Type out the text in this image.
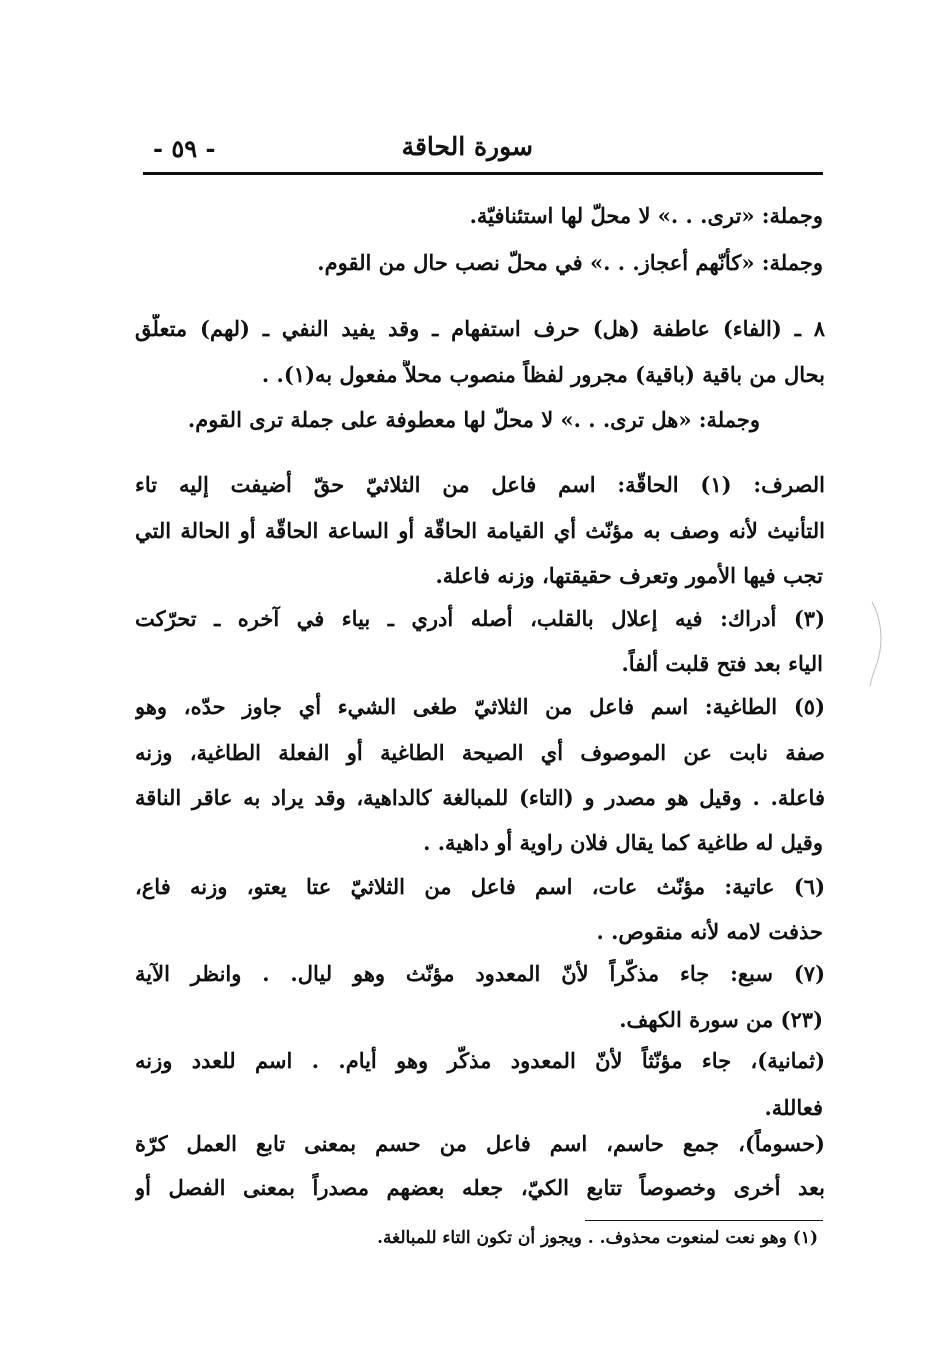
- ٥٩ -	سورة الحاقة
وجملة: «ترى. . .» لا محلّ لها استئنافيّة.
وجملة: «كأنّهم أعجاز. . .» في محلّ نصب حال من القوم.
٨ ـ (الفاء) عاطفة (هل) حرف استفهام ـ وقد يفيد النفي ـ (لهم) متعلّق
بحال من باقية (باقية) مجرور لفظاً منصوب محلاًّ مفعول به(١). .
وجملة: «هل ترى. . .» لا محلّ لها معطوفة على جملة ترى القوم.
الصرف: (١) الحاقّة: اسم فاعل من الثلاثيّ حقّ أضيفت إليه تاء
التأنيث لأنه وصف به مؤنّث أي القيامة الحاقّة أو الساعة الحاقّة أو الحالة التي
تجب فيها الأمور وتعرف حقيقتها، وزنه فاعلة.
(٣) أدراك: فيه إعلال بالقلب، أصله أدري ـ بياء في آخره ـ تحرّكت
الياء بعد فتح قلبت ألفاً.
(٥) الطاغية: اسم فاعل من الثلاثيّ طغى الشيء أي جاوز حدّه، وهو
صفة نابت عن الموصوف أي الصيحة الطاغية أو الفعلة الطاغية، وزنه
فاعلة. . وقيل هو مصدر و (التاء) للمبالغة كالداهية، وقد يراد به عاقر الناقة
وقيل له طاغية كما يقال فلان راوية أو داهية. .
(٦) عاتية: مؤنّث عات، اسم فاعل من الثلاثيّ عتا يعتو، وزنه فاع،
حذفت لامه لأنه منقوص. .
(٧) سبع: جاء مذكّراً لأنّ المعدود مؤنّث وهو ليال. . وانظر الآية
(٢٣) من سورة الكهف.
(ثمانية)، جاء مؤنّثاً لأنّ المعدود مذكّر وهو أيام. . اسم للعدد وزنه
فعاللة.
(حسوماً)، جمع حاسم، اسم فاعل من حسم بمعنى تابع العمل كرّة
بعد أخرى وخصوصاً تتابع الكيّ، جعله بعضهم مصدراً بمعنى الفصل أو
(١) وهو نعت لمنعوت محذوف. . ويجوز أن تكون التاء للمبالغة.
